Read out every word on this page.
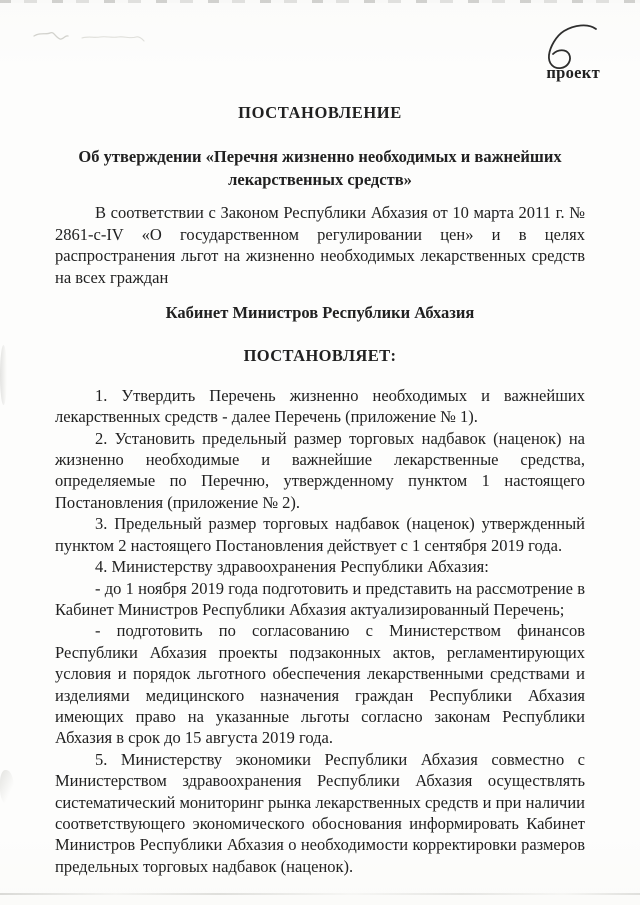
проект
ПОСТАНОВЛЕНИЕ
Об утверждении «Перечня жизненно необходимых и важнейших лекарственных средств»

В соответствии с Законом Республики Абхазия от 10 марта 2011 г. № 2861-с-IV «О государственном регулировании цен» и в целях распространения льгот на жизненно необходимых лекарственных средств на всех граждан

Кабинет Министров Республики Абхазия
ПОСТАНОВЛЯЕТ:

1. Утвердить Перечень жизненно необходимых и важнейших лекарственных средств - далее Перечень (приложение № 1).

2. Установить предельный размер торговых надбавок (наценок) на жизненно необходимые и важнейшие лекарственные средства, определяемые по Перечню, утвержденному пунктом 1 настоящего Постановления (приложение № 2).

3. Предельный размер торговых надбавок (наценок) утвержденный пунктом 2 настоящего Постановления действует с 1 сентября 2019 года.

4. Министерству здравоохранения Республики Абхазия:

- до 1 ноября 2019 года подготовить и представить на рассмотрение в Кабинет Министров Республики Абхазия актуализированный Перечень;

- подготовить по согласованию с Министерством финансов Республики Абхазия проекты подзаконных актов, регламентирующих условия и порядок льготного обеспечения лекарственными средствами и изделиями медицинского назначения граждан Республики Абхазия имеющих право на указанные льготы согласно законам Республики Абхазия в срок до 15 августа 2019 года.

5. Министерству экономики Республики Абхазия совместно с Министерством здравоохранения Республики Абхазия осуществлять систематический мониторинг рынка лекарственных средств и при наличии соответствующего экономического обоснования информировать Кабинет Министров Республики Абхазия о необходимости корректировки размеров предельных торговых надбавок (наценок).
